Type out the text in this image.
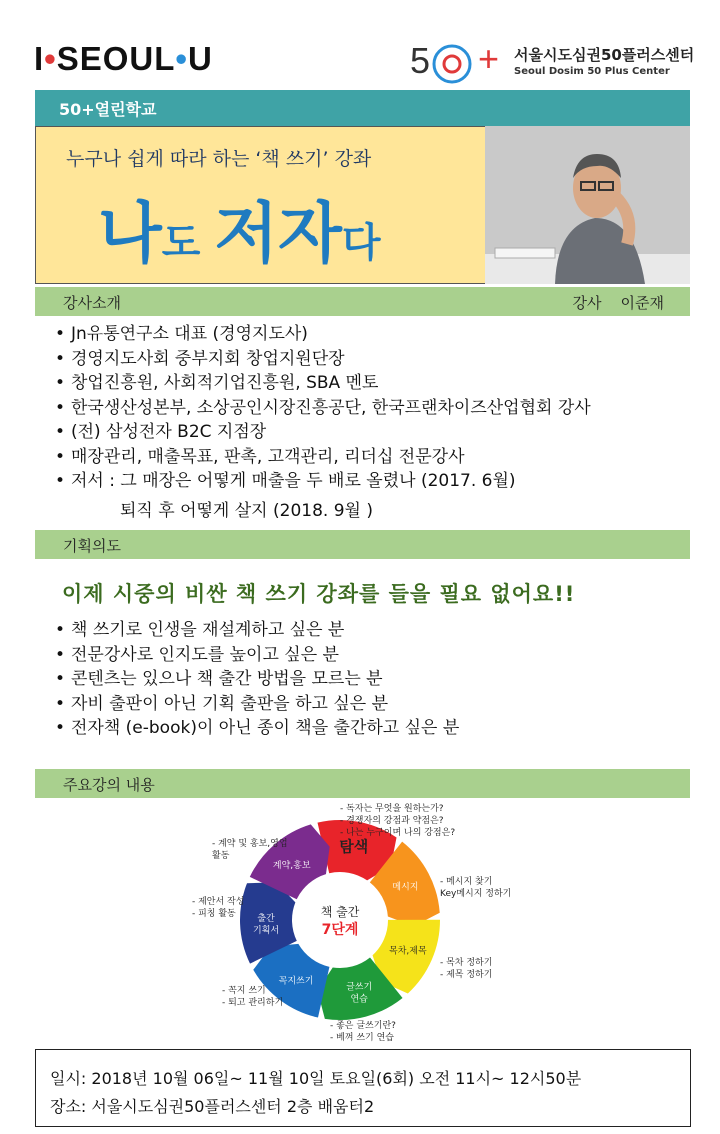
I•SEOUL•U	5​ + 서울시도심권50플러스센터
Seoul Dosim 50 Plus Center
50+열린학교
누구나 쉽게 따라 하는 ‘책 쓰기’ 강좌
나도 저자다
강사소개	강사 이준재
• Jn유통연구소 대표 (경영지도사)
• 경영지도사회 중부지회 창업지원단장
• 창업진흥원, 사회적기업진흥원, SBA 멘토
• 한국생산성본부, 소상공인시장진흥공단, 한국프랜차이즈산업협회 강사
• (전) 삼성전자 B2C 지점장
• 매장관리, 매출목표, 판촉, 고객관리, 리더십 전문강사
• 저서 : 그 매장은 어떻게 매출을 두 배로 올렸나 (2017. 6월)
퇴직 후 어떻게 살지 (2018. 9월 )
기획의도
이제 시중의 비싼 책 쓰기 강좌를 들을 필요 없어요!!
• 책 쓰기로 인생을 재설계하고 싶은 분
• 전문강사로 인지도를 높이고 싶은 분
• 콘텐츠는 있으나 책 출간 방법을 모르는 분
• 자비 출판이 아닌 기획 출판을 하고 싶은 분
• 전자책 (e-book)이 아닌 종이 책을 출간하고 싶은 분
주요강의 내용
탐색
메시지
목차,제목
글쓰기
연습
꼭지쓰기
출간
기획서
계약,홍보
책 출간
7단계
- 독자는 무엇을 원하는가?
- 경쟁자의 강점과 약점은?
- 나는 누구이며 나의 강점은?
- 메시지 찾기
Key메시지 정하기
- 목차 정하기
- 제목 정하기
- 좋은 글쓰기란?
- 베껴 쓰기 연습
- 꼭지 쓰기
- 퇴고 관리하기
- 제안서 작성
- 피칭 활동
- 계약 및 홍보,영업
활동
일시: 2018년 10월 06일~ 11월 10일 토요일(6회) 오전 11시~ 12시50분
장소: 서울시도심권50플러스센터 2층 배움터2
